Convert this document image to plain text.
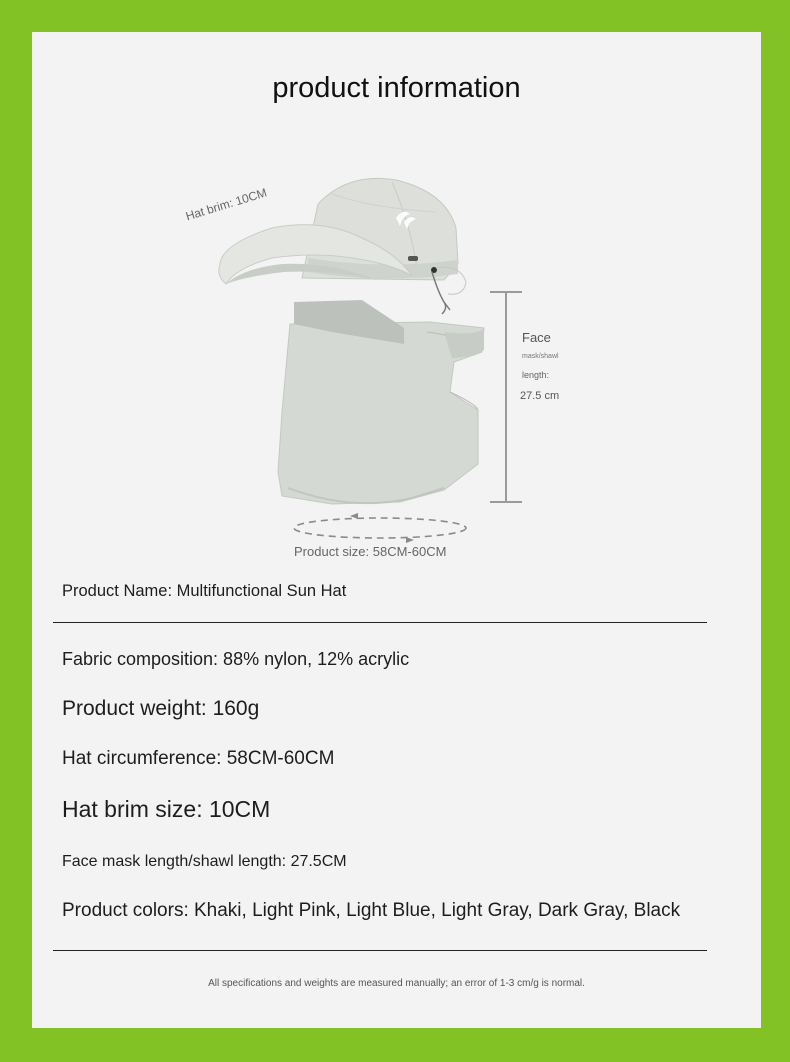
product information
Hat brim: 10CM
Face
mask/shawl
length:
27.5 cm
Product size: 58CM-60CM
Product Name: Multifunctional Sun Hat
Fabric composition: 88% nylon, 12% acrylic
Product weight: 160g
Hat circumference: 58CM-60CM
Hat brim size: 10CM
Face mask length/shawl length: 27.5CM
Product colors: Khaki, Light Pink, Light Blue, Light Gray, Dark Gray, Black
All specifications and weights are measured manually; an error of 1-3 cm/g is normal.
